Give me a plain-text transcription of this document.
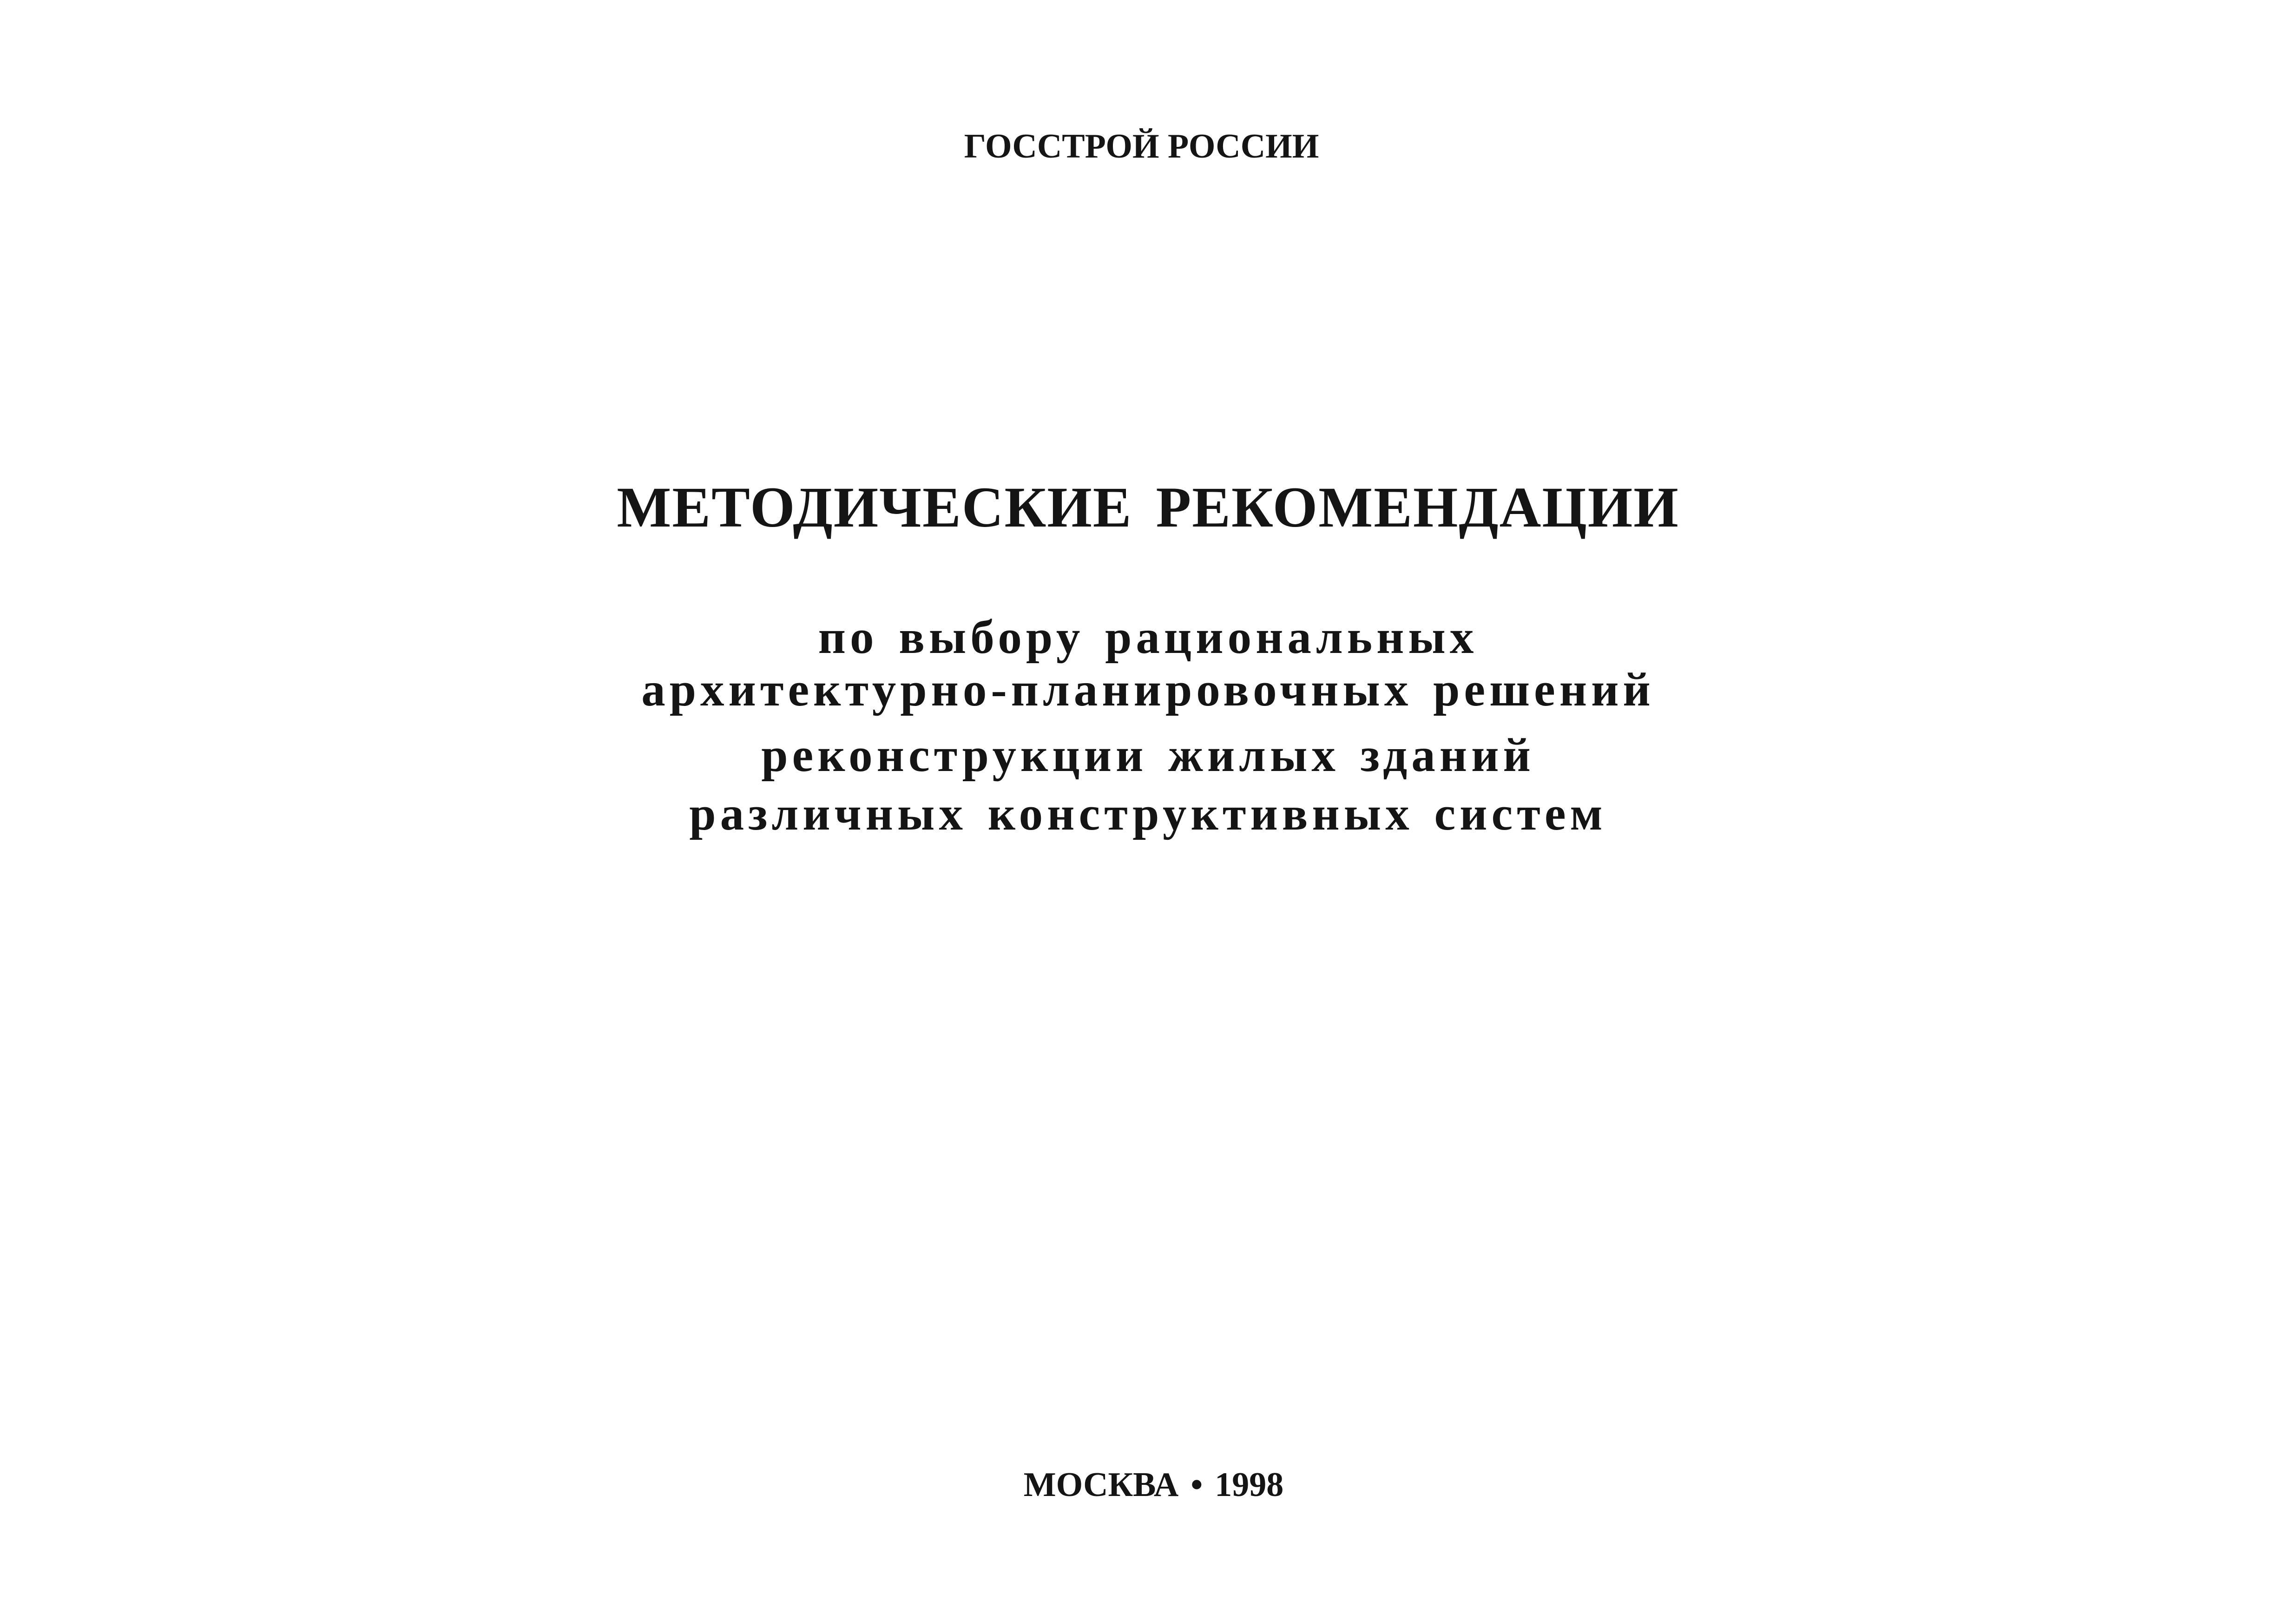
ГОССТРОЙ РОССИИ
МЕТОДИЧЕСКИЕ РЕКОМЕНДАЦИИ
по выбору рациональных
архитектурно-планировочных решений
реконструкции жилых зданий
различных конструктивных систем
МОСКВА • 1998
